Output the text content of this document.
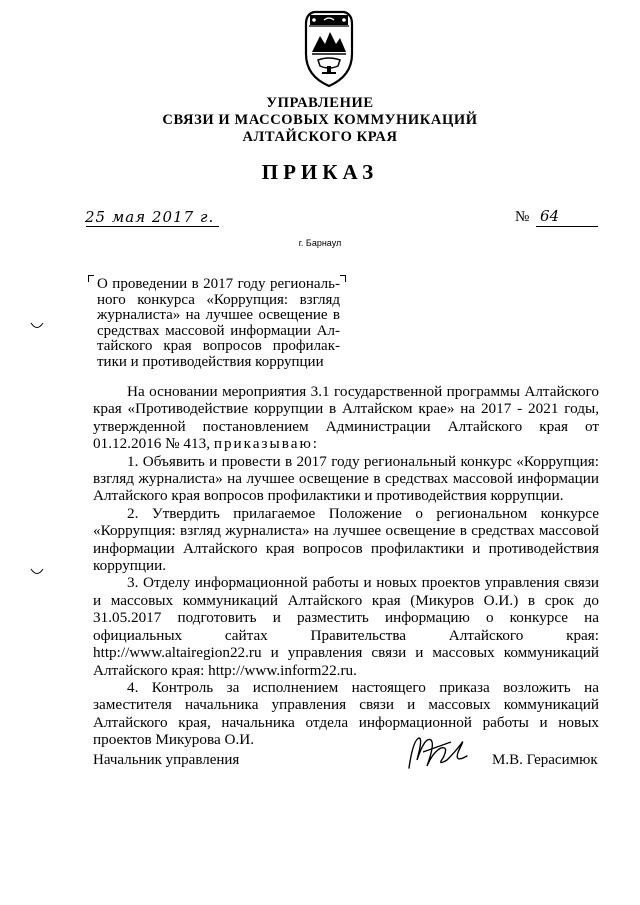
УПРАВЛЕНИЕ
СВЯЗИ И МАССОВЫХ КОММУНИКАЦИЙ
АЛТАЙСКОГО КРАЯ
ПРИКАЗ
25 мая 2017 г.	№ 64
г. Барнаул
О проведении в 2017 году региональ-ного конкурса «Коррупция: взгляд журналиста» на лучшее освещение в средствах массовой информации Ал-тайского края вопросов профилак-тики и противодействия коррупции

На основании мероприятия 3.1 государственной программы Алтайского края «Противодействие коррупции в Алтайском крае» на 2017 - 2021 годы, утвержденной постановлением Администрации Алтайского края от 01.12.2016 № 413, приказываю:

1. Объявить и провести в 2017 году региональный конкурс «Коррупция: взгляд журналиста» на лучшее освещение в средствах массовой информации Алтайского края вопросов профилактики и противодействия коррупции.

2. Утвердить прилагаемое Положение о региональном конкурсе «Коррупция: взгляд журналиста» на лучшее освещение в средствах массовой информации Алтайского края вопросов профилактики и противодействия коррупции.

3. Отделу информационной работы и новых проектов управления связи и массовых коммуникаций Алтайского края (Микуров О.И.) в срок до 31.05.2017 подготовить и разместить информацию о конкурсе на официальных сайтах Правительства Алтайского края: http://www.altairegion22.ru и управления связи и массовых коммуникаций Алтайского края: http://www.inform22.ru.

4. Контроль за исполнением настоящего приказа возложить на заместителя начальника управления связи и массовых коммуникаций Алтайского края, начальника отдела информационной работы и новых проектов Микурова О.И.

Начальник управления	М.В. Герасимюк
